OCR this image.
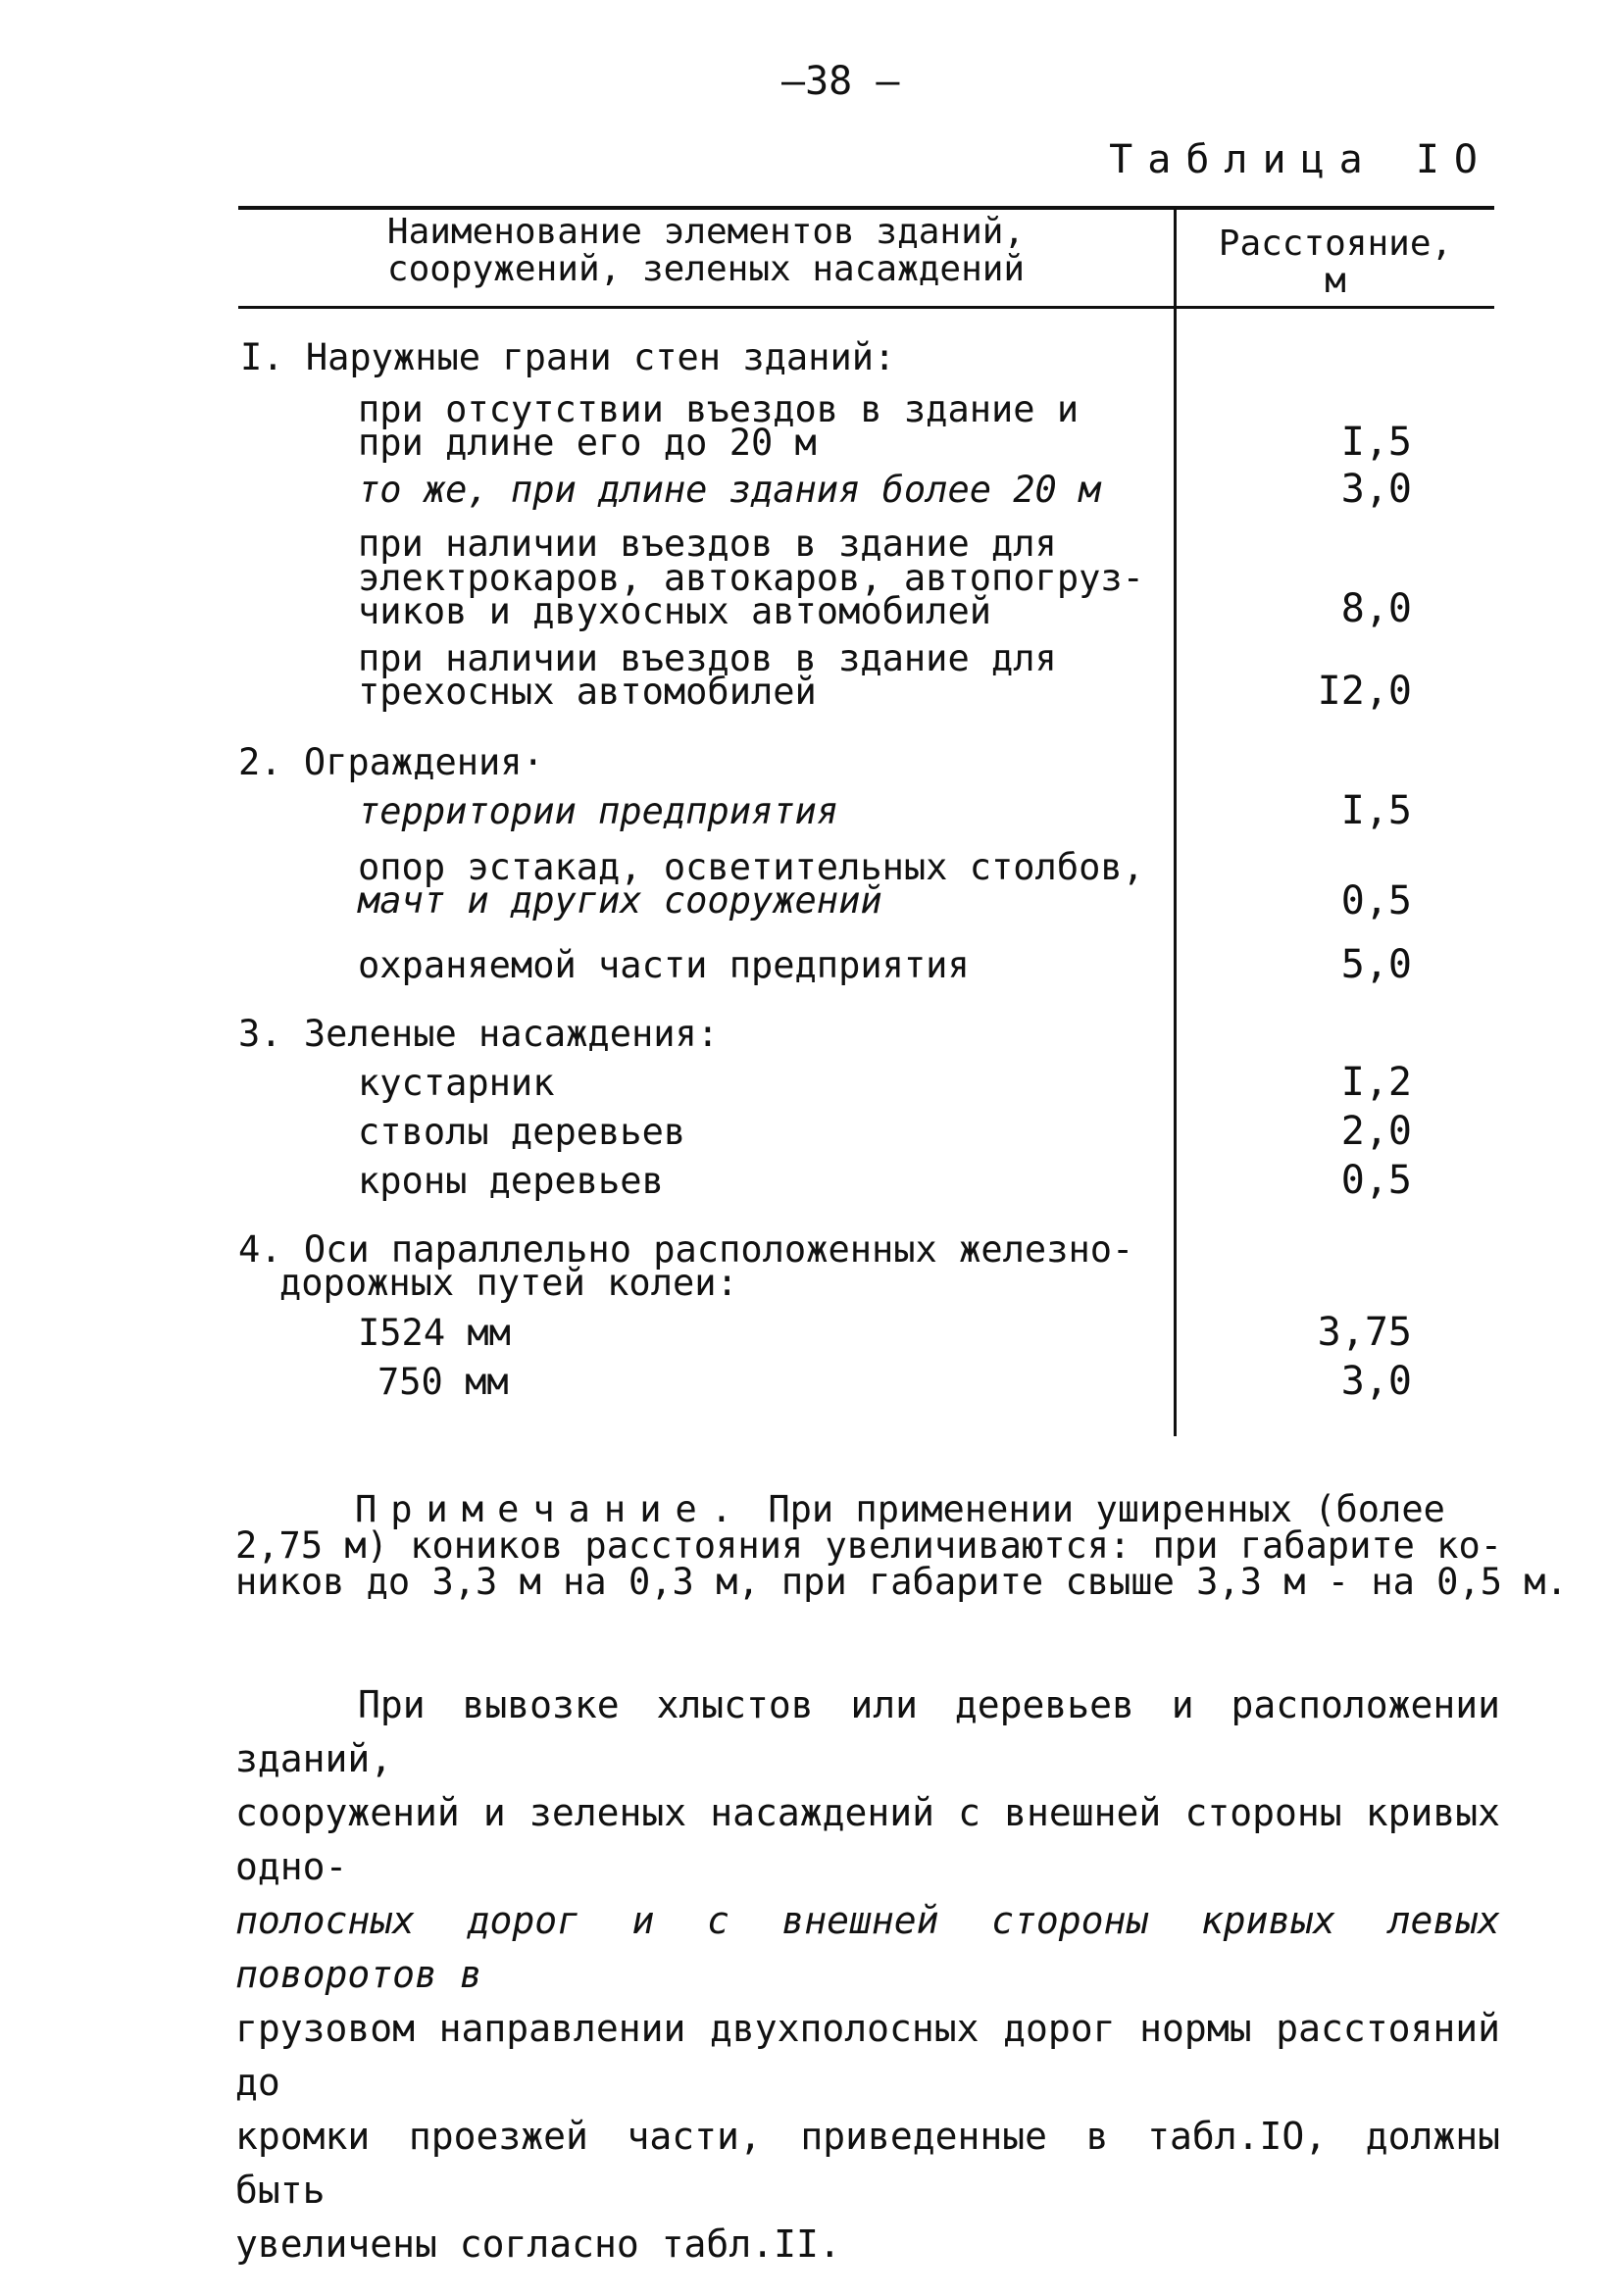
—38 —
Таблица IO
Наименование элементов зданий,
сооружений, зеленых насаждений
Расстояние,
м
I. Наружные грани стен зданий:
при отсутствии въездов в здание и
при длине его до 20 м
то же, при длине здания более 20 м
при наличии въездов в здание для
электрокаров, автокаров, автопогруз-
чиков и двухосных автомобилей
при наличии въездов в здание для
трехосных автомобилей
2. Ограждения·
территории предприятия
опор эстакад, осветительных столбов,
мачт и других сооружений
охраняемой части предприятия
3. Зеленые насаждения:
кустарник
стволы деревьев
кроны деревьев
4. Оси параллельно расположенных железно-
дорожных путей колеи:
I524 мм
750 мм
I,5
3,0
8,0
I2,0
I,5
0,5
5,0
I,2
2,0
0,5
3,75
3,0
Примечание. При применении уширенных (более
2,75 м) коников расстояния увеличиваются: при габарите ко-
ников до 3,3 м на 0,3 м, при габарите свыше 3,3 м - на 0,5 м.

При вывозке хлыстов или деревьев и расположении зданий,

сооружений и зеленых насаждений с внешней стороны кривых одно-

полосных дорог и с внешней стороны кривых левых поворотов в

грузовом направлении двухполосных дорог нормы расстояний до

кромки проезжей части, приведенные в табл.IO, должны быть

увеличены согласно табл.II.
